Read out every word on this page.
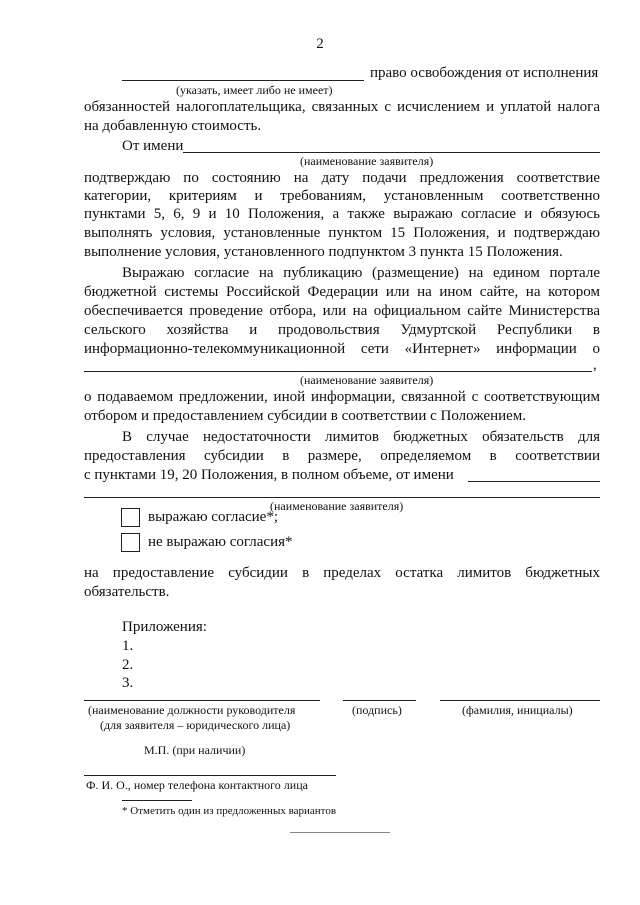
2
право освобождения от исполнения
(указать, имеет либо не имеет)
обязанностей налогоплательщика, связанных с исчислением и уплатой налога
на добавленную стоимость.
От имени
(наименование заявителя)
подтверждаю по состоянию на дату подачи предложения соответствие
категории, критериям и требованиям, установленным соответственно
пунктами 5, 6, 9 и 10 Положения, а также выражаю согласие и обязуюсь
выполнять условия, установленные пунктом 15 Положения, и подтверждаю
выполнение условия, установленного подпунктом 3 пункта 15 Положения.
Выражаю согласие на публикацию (размещение) на едином портале
бюджетной системы Российской Федерации или на ином сайте, на котором
обеспечивается проведение отбора, или на официальном сайте Министерства
сельского хозяйства и продовольствия Удмуртской Республики в
информационно-телекоммуникационной сети «Интернет» информации о
,
(наименование заявителя)
о подаваемом предложении, иной информации, связанной с соответствующим
отбором и предоставлением субсидии в соответствии с Положением.
В случае недостаточности лимитов бюджетных обязательств для
предоставления субсидии в размере, определяемом в соответствии
с пунктами 19, 20 Положения, в полном объеме, от имени
(наименование заявителя)
выражаю согласие*;
не выражаю согласия*
на предоставление субсидии в пределах остатка лимитов бюджетных
обязательств.
Приложения:
1.
2.
3.
(наименование должности руководителя
(для заявителя – юридического лица)
(подпись)	(фамилия, инициалы)
М.П. (при наличии)
Ф. И. О., номер телефона контактного лица
* Отметить один из предложенных вариантов
